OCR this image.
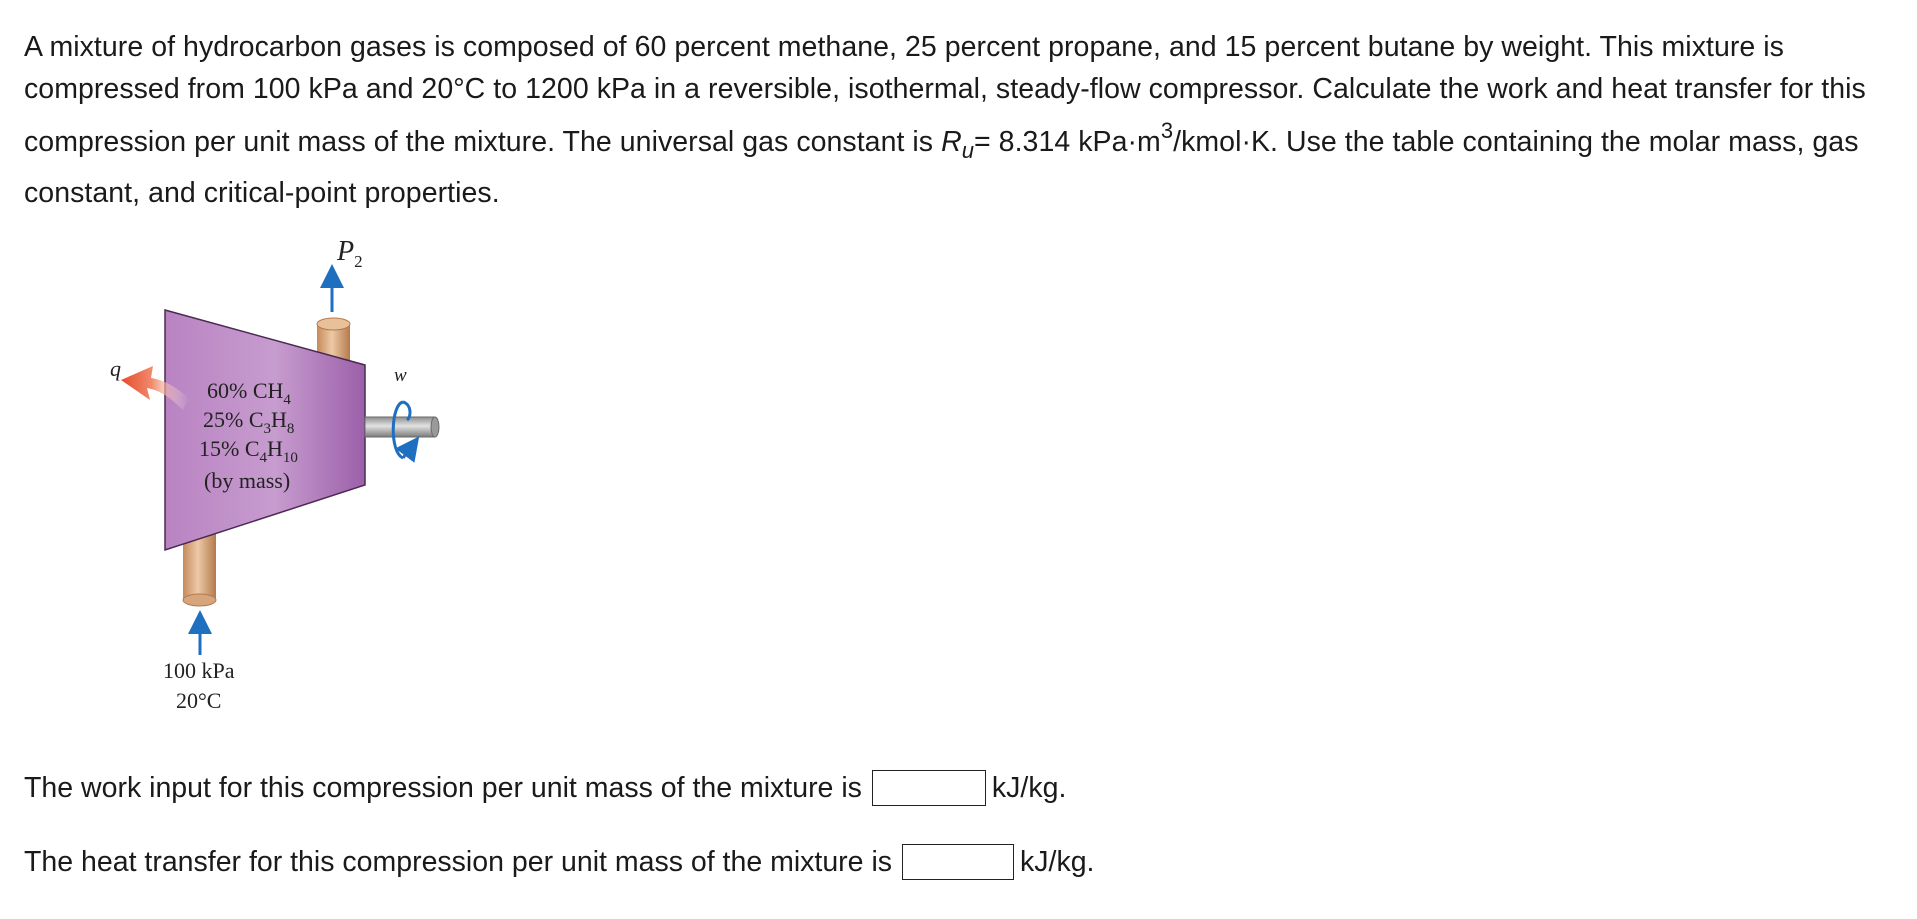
A mixture of hydrocarbon gases is composed of 60 percent methane, 25 percent propane, and 15 percent butane by weight. This mixture is compressed from 100 kPa and 20°C to 1200 kPa in a reversible, isothermal, steady-flow compressor. Calculate the work and heat transfer for this compression per unit mass of the mixture. The universal gas constant is $R_u= 8.314$ $kPa\cdot m^3/kmol\cdot K$. Use the table containing the molar mass, gas constant, and critical-point properties.

$P_2$
w
q
60% $CH_4$
25% $C_3H_8$
15% $C_4H_{10}$
(by mass)
100 kPa
20°C
The work input for this compression per unit mass of the mixture is	kJ/kg.
The heat transfer for this compression per unit mass of the mixture is	kJ/kg.
